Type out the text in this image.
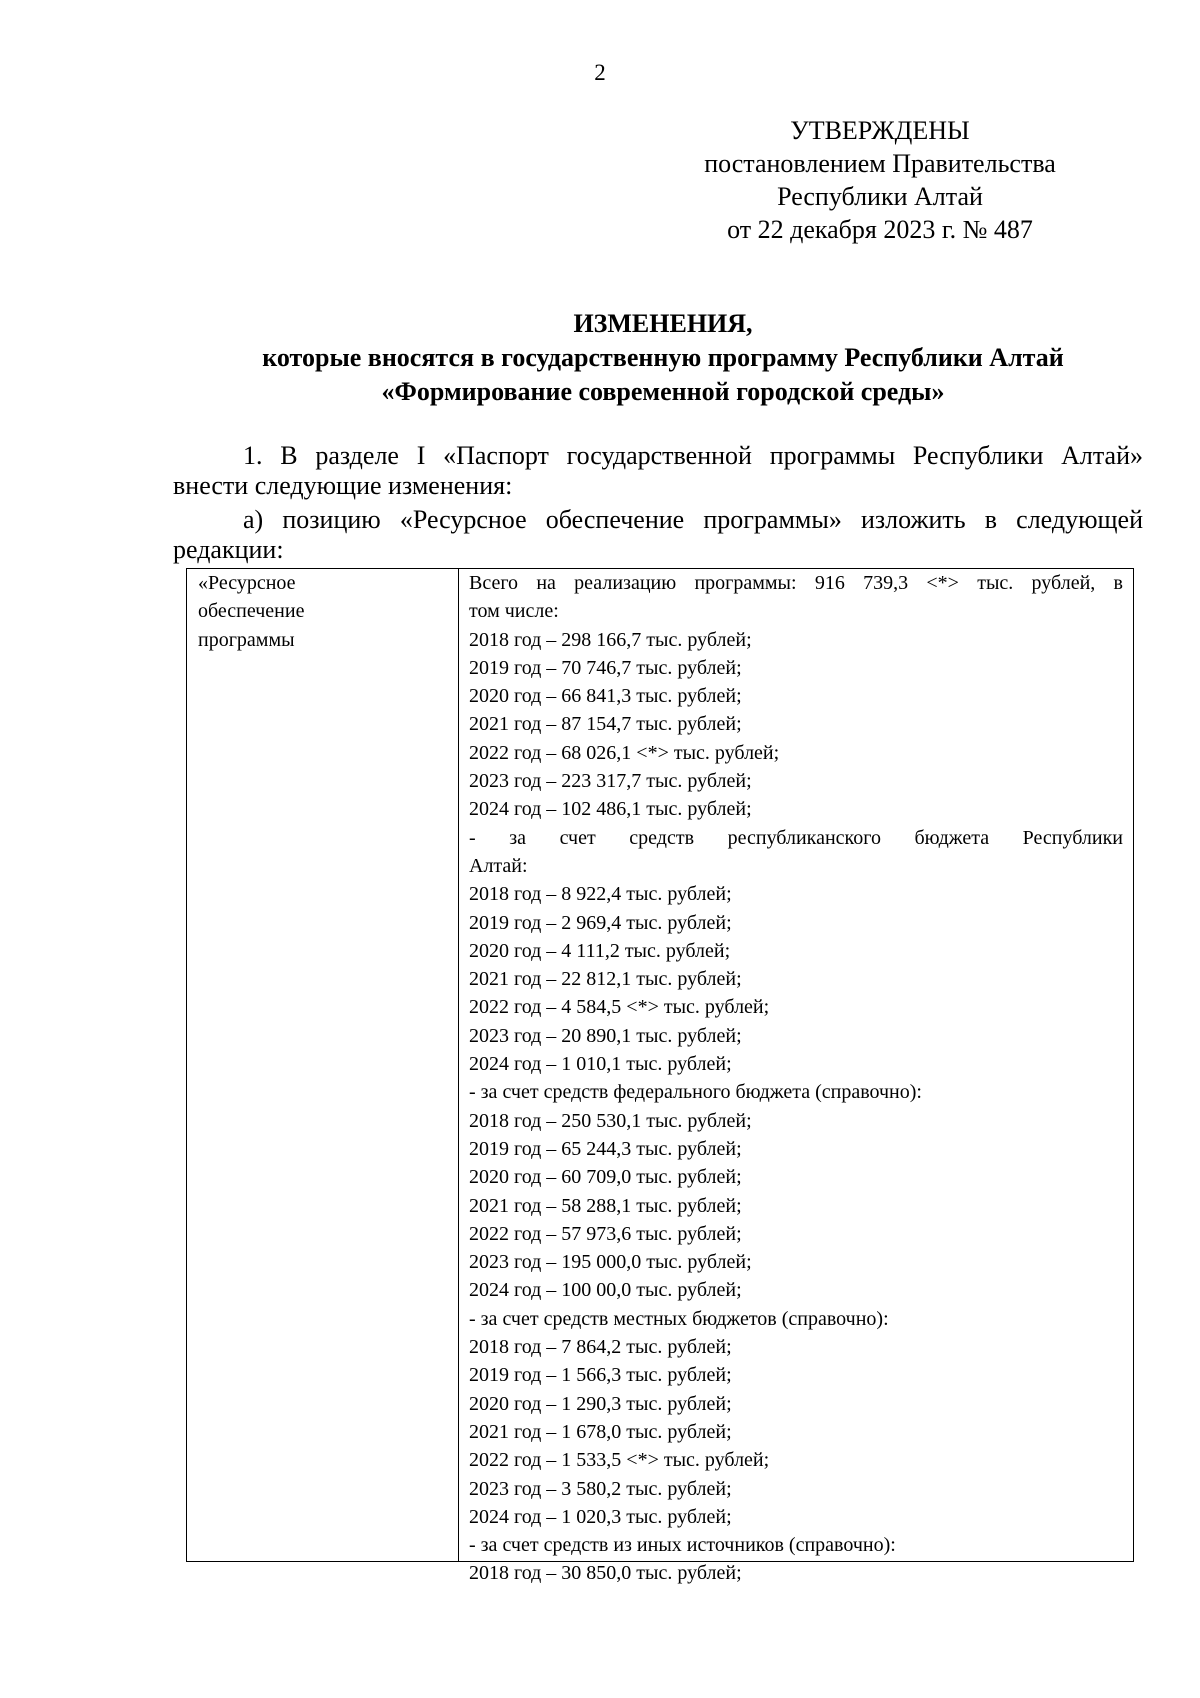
2
УТВЕРЖДЕНЫ
постановлением Правительства
Республики Алтай
от 22 декабря 2023 г. № 487
ИЗМЕНЕНИЯ,
которые вносятся в государственную программу Республики Алтай
«Формирование современной городской среды»
1. В разделе I «Паспорт государственной программы Республики Алтай»
внести следующие изменения:
а) позицию «Ресурсное обеспечение программы» изложить в следующей
редакции:
«Ресурсное
обеспечение
программы
Всего на реализацию программы: 916 739,3 <*> тыс. рублей, в
том числе:
2018 год – 298 166,7 тыс. рублей;
2019 год – 70 746,7 тыс. рублей;
2020 год – 66 841,3 тыс. рублей;
2021 год – 87 154,7 тыс. рублей;
2022 год – 68 026,1 <*> тыс. рублей;
2023 год – 223 317,7 тыс. рублей;
2024 год – 102 486,1 тыс. рублей;
- за счет средств республиканского бюджета Республики
Алтай:
2018 год – 8 922,4 тыс. рублей;
2019 год – 2 969,4 тыс. рублей;
2020 год – 4 111,2 тыс. рублей;
2021 год – 22 812,1 тыс. рублей;
2022 год – 4 584,5 <*> тыс. рублей;
2023 год – 20 890,1 тыс. рублей;
2024 год – 1 010,1 тыс. рублей;
- за счет средств федерального бюджета (справочно):
2018 год – 250 530,1 тыс. рублей;
2019 год – 65 244,3 тыс. рублей;
2020 год – 60 709,0 тыс. рублей;
2021 год – 58 288,1 тыс. рублей;
2022 год – 57 973,6 тыс. рублей;
2023 год – 195 000,0 тыс. рублей;
2024 год – 100 00,0 тыс. рублей;
- за счет средств местных бюджетов (справочно):
2018 год – 7 864,2 тыс. рублей;
2019 год – 1 566,3 тыс. рублей;
2020 год – 1 290,3 тыс. рублей;
2021 год – 1 678,0 тыс. рублей;
2022 год – 1 533,5 <*> тыс. рублей;
2023 год – 3 580,2 тыс. рублей;
2024 год – 1 020,3 тыс. рублей;
- за счет средств из иных источников (справочно):
2018 год – 30 850,0 тыс. рублей;
